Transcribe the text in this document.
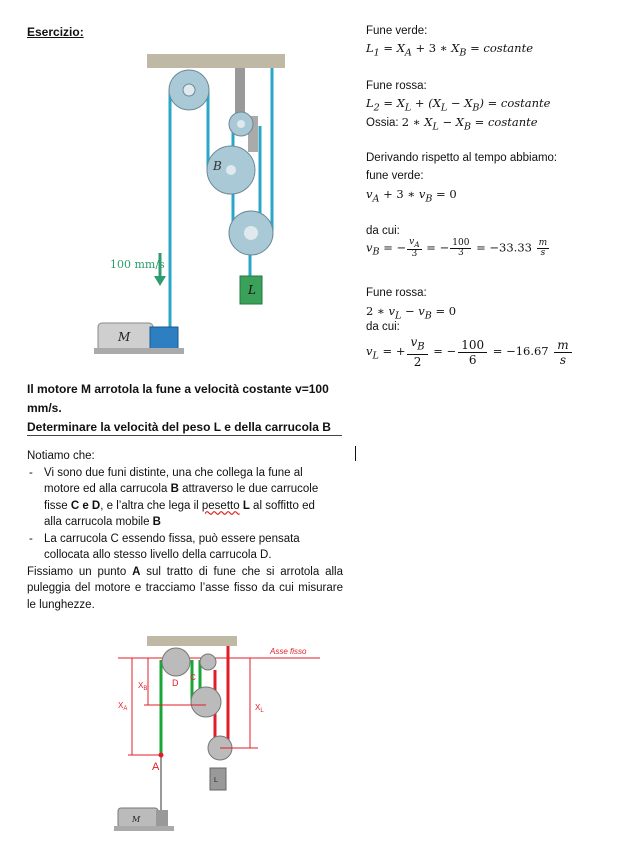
Esercizio:
B
L
100 mm/s
M
Il motore M arrotola la fune a velocità costante v=100
mm/s.
Determinare la velocità del peso L e della carrucola B

Notiamo che:

- Vi sono due funi distinte, una che collega la fune al
motore ed alla carrucola B attraverso le due carrucole
fisse C e D, e l’altra che lega il pesetto L al soffitto ed
alla carrucola mobile B
- La carrucola C essendo fissa, può essere pensata
collocata allo stesso livello della carrucola D.

Fissiamo un punto A sul tratto di fune che si arrotola alla puleggia del motore e tracciamo l’asse fisso da cui misurare le lunghezze.

Asse fisso
D
C
A
$X_A$
$X_B$
$X_L$
L
M
Fune verde:
$L_1 = X_A + 3$ ∗ $X_B$ = costante
Fune rossa:
$L_2 = X_L + (X_L - X_B)$ = costante
Ossia: 2 ∗ $X_L - X_B$ = costante
Derivando rispetto al tempo abbiamo:
fune verde:
$v_A + 3$ ∗ $v_B = 0$
da cui:
$v_B$ = − $\frac{v_A}{3}$ = − $\frac{100}{3} = -33.33 \frac{m}{s}$
Fune rossa:
2 ∗ $v_L - v_B = 0$
da cui:
$v_L$ = + $\frac{v_B}{2}$ = − $\frac{100}{6} = -16.67 \frac{m}{s}$
